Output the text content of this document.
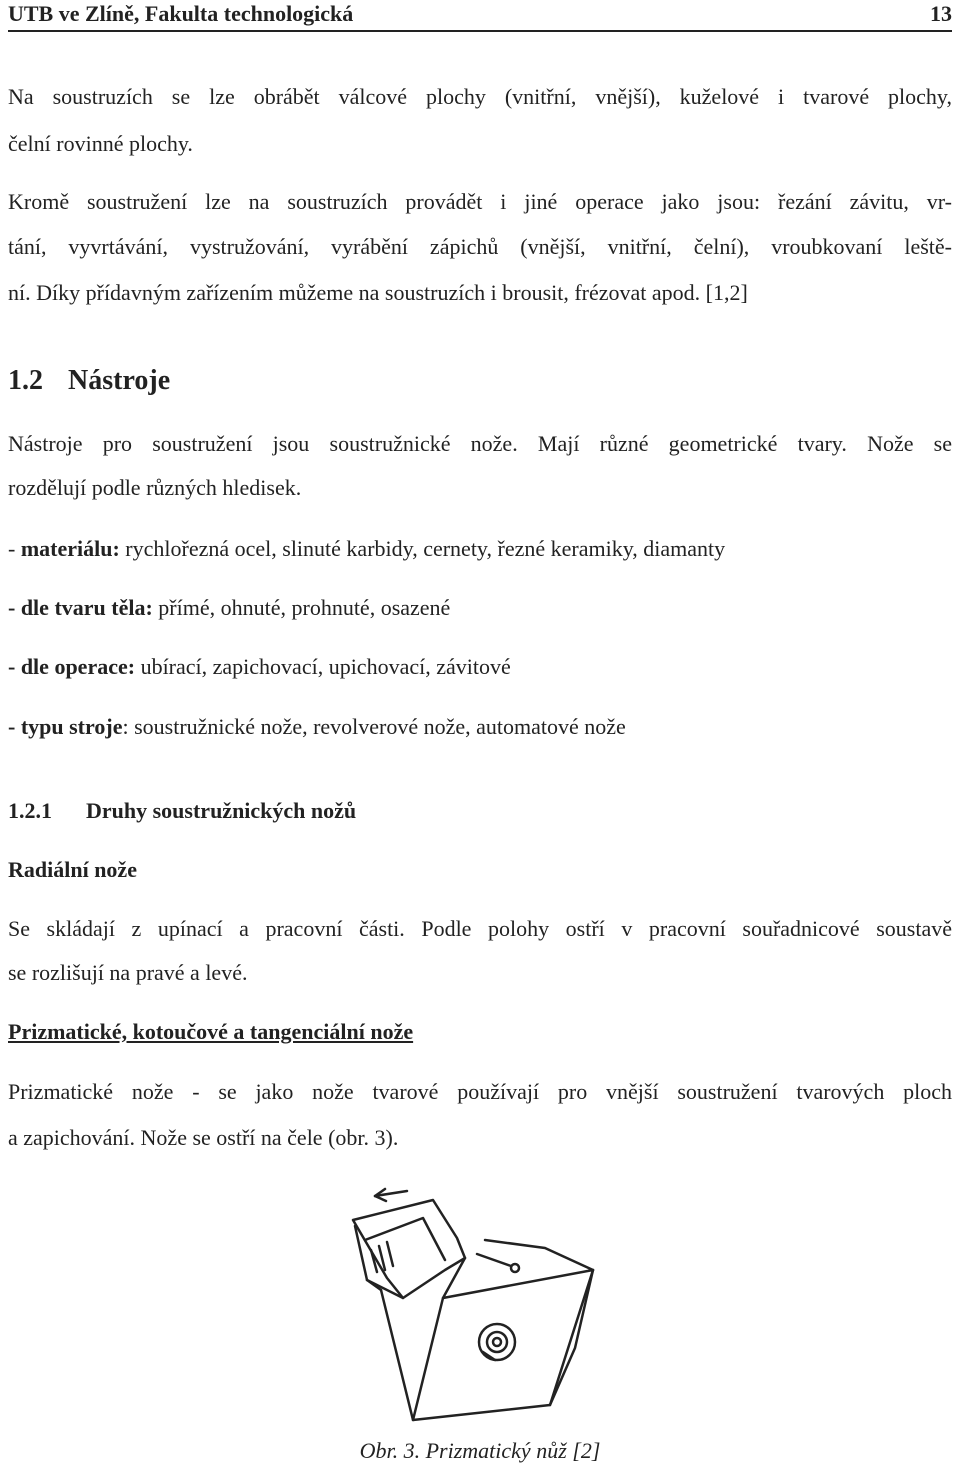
UTB ve Zlíně, Fakulta technologická	13

Na soustruzích se lze obrábět válcové plochy (vnitřní, vnější), kuželové i tvarové plochy,

čelní rovinné plochy.

Kromě soustružení lze na soustruzích provádět i jiné operace jako jsou: řezání závitu, vr-

tání, vyvrtávání, vystružování, vyrábění zápichů (vnější, vnitřní, čelní), vroubkovaní leště-

ní. Díky přídavným zařízením můžeme na soustruzích i brousit, frézovat apod. [1,2]

1.2 Nástroje

Nástroje pro soustružení jsou soustružnické nože. Mají různé geometrické tvary. Nože se

rozdělují podle různých hledisek.

- materiálu: rychlořezná ocel, slinuté karbidy, cernety, řezné keramiky, diamanty
- dle tvaru těla: přímé, ohnuté, prohnuté, osazené
- dle operace: ubírací, zapichovací, upichovací, závitové
- typu stroje: soustružnické nože, revolverové nože, automatové nože
1.2.1 Druhy soustružnických nožů
Radiální nože

Se skládají z upínací a pracovní části. Podle polohy ostří v pracovní souřadnicové soustavě

se rozlišují na pravé a levé.

Prizmatické, kotoučové a tangenciální nože

Prizmatické nože - se jako nože tvarové používají pro vnější soustružení tvarových ploch

a zapichování. Nože se ostří na čele (obr. 3).

Obr. 3. Prizmatický nůž [2]
